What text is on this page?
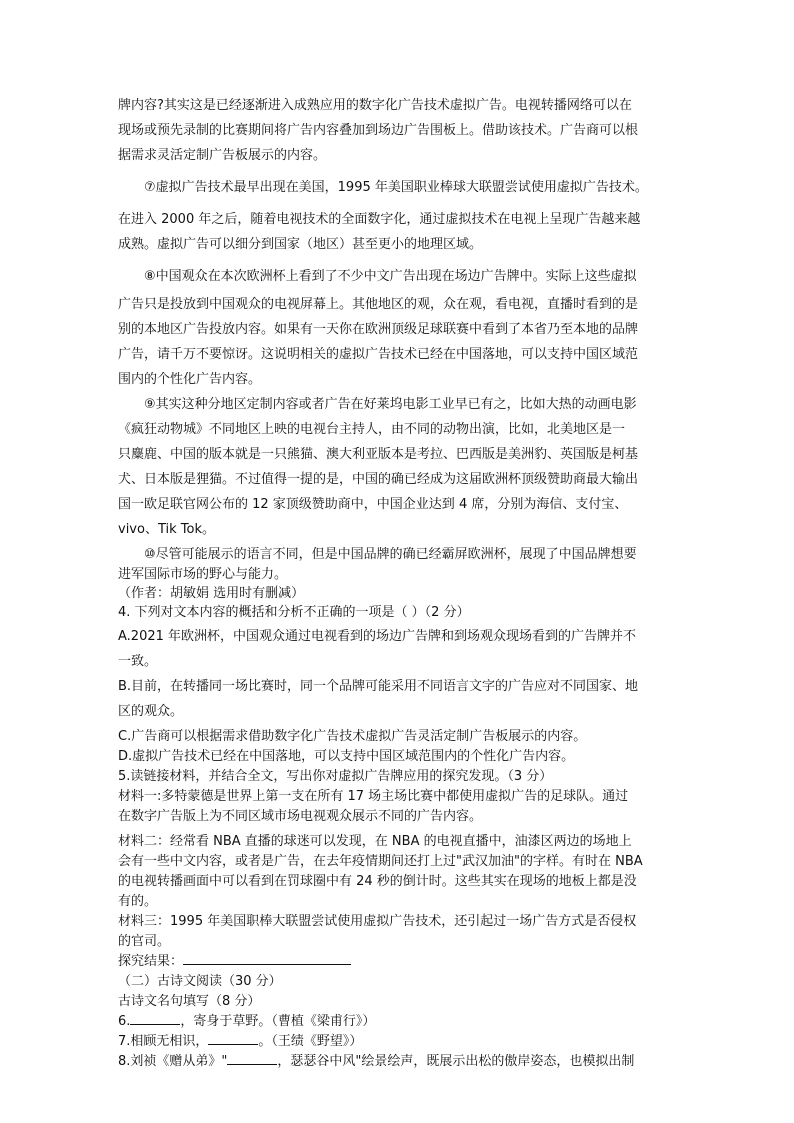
牌内容?其实这是已经逐渐进入成熟应用的数字化广告技术虚拟广告。电视转播网络可以在
现场或预先录制的比赛期间将广告内容叠加到场边广告围板上。借助该技术。广告商可以根
据需求灵活定制广告板展示的内容。
⑦虚拟广告技术最早出现在美国，1995 年美国职业棒球大联盟尝试使用虚拟广告技术。
在进入 2000 年之后，随着电视技术的全面数字化，通过虚拟技术在电视上呈现广告越来越
成熟。虚拟广告可以细分到国家（地区）甚至更小的地理区域。
⑧中国观众在本次欧洲杯上看到了不少中文广告出现在场边广告牌中。实际上这些虚拟
广告只是投放到中国观众的电视屏幕上。其他地区的观，众在观，看电视，直播时看到的是
别的本地区广告投放内容。如果有一天你在欧洲顶级足球联赛中看到了本省乃至本地的品牌
广告，请千万不要惊讶。这说明相关的虚拟广告技术已经在中国落地，可以支持中国区域范
围内的个性化广告内容。
⑨其实这种分地区定制内容或者广告在好莱坞电影工业早已有之，比如大热的动画电影
《疯狂动物城》不同地区上映的电视台主持人，由不同的动物出演，比如，北美地区是一
只麋鹿、中国的版本就是一只熊猫、澳大利亚版本是考拉、巴西版是美洲豹、英国版是柯基
犬、日本版是狸猫。不过值得一提的是，中国的确已经成为这届欧洲杯顶级赞助商最大输出
国一欧足联官网公布的 12 家顶级赞助商中，中国企业达到 4 席，分别为海信、支付宝、
vivo、Tik Tok。
⑩尽管可能展示的语言不同，但是中国品牌的确已经霸屏欧洲杯，展现了中国品牌想要
进军国际市场的野心与能力。
（作者：胡敏娟 选用时有删减）
4. 下列对文本内容的概括和分析不正确的一项是（ ）（2 分）
A.2021 年欧洲杯，中国观众通过电视看到的场边广告牌和到场观众现场看到的广告牌并不
一致。
B.目前，在转播同一场比赛时，同一个品牌可能采用不同语言文字的广告应对不同国家、地
区的观众。
C.广告商可以根据需求借助数字化广告技术虚拟广告灵活定制广告板展示的内容。
D.虚拟广告技术已经在中国落地，可以支持中国区域范围内的个性化广告内容。
5.读链接材料，并结合全文，写出你对虚拟广告牌应用的探究发现。（3 分）
材料一:多特蒙德是世界上第一支在所有 17 场主场比赛中都使用虚拟广告的足球队。通过
在数字广告版上为不同区域市场电视观众展示不同的广告内容。
材料二：经常看 NBA 直播的球迷可以发现，在 NBA 的电视直播中，油漆区两边的场地上
会有一些中文内容，或者是广告，在去年疫情期间还打上过"武汉加油"的字样。有时在 NBA
的电视转播画面中可以看到在罚球圈中有 24 秒的倒计时。这些其实在现场的地板上都是没
有的。
材料三：1995 年美国职棒大联盟尝试使用虚拟广告技术，还引起过一场广告方式是否侵权
的官司。
探究结果：
（二）古诗文阅读（30 分）
古诗文名句填写（8 分）
6.	，寄身于草野。（曹植《梁甫行》）
7.相顾无相识，	。（王绩《野望》）
8.刘祯《赠从弟》"	，瑟瑟谷中风"绘景绘声，既展示出松的傲岸姿态，也模拟出制
